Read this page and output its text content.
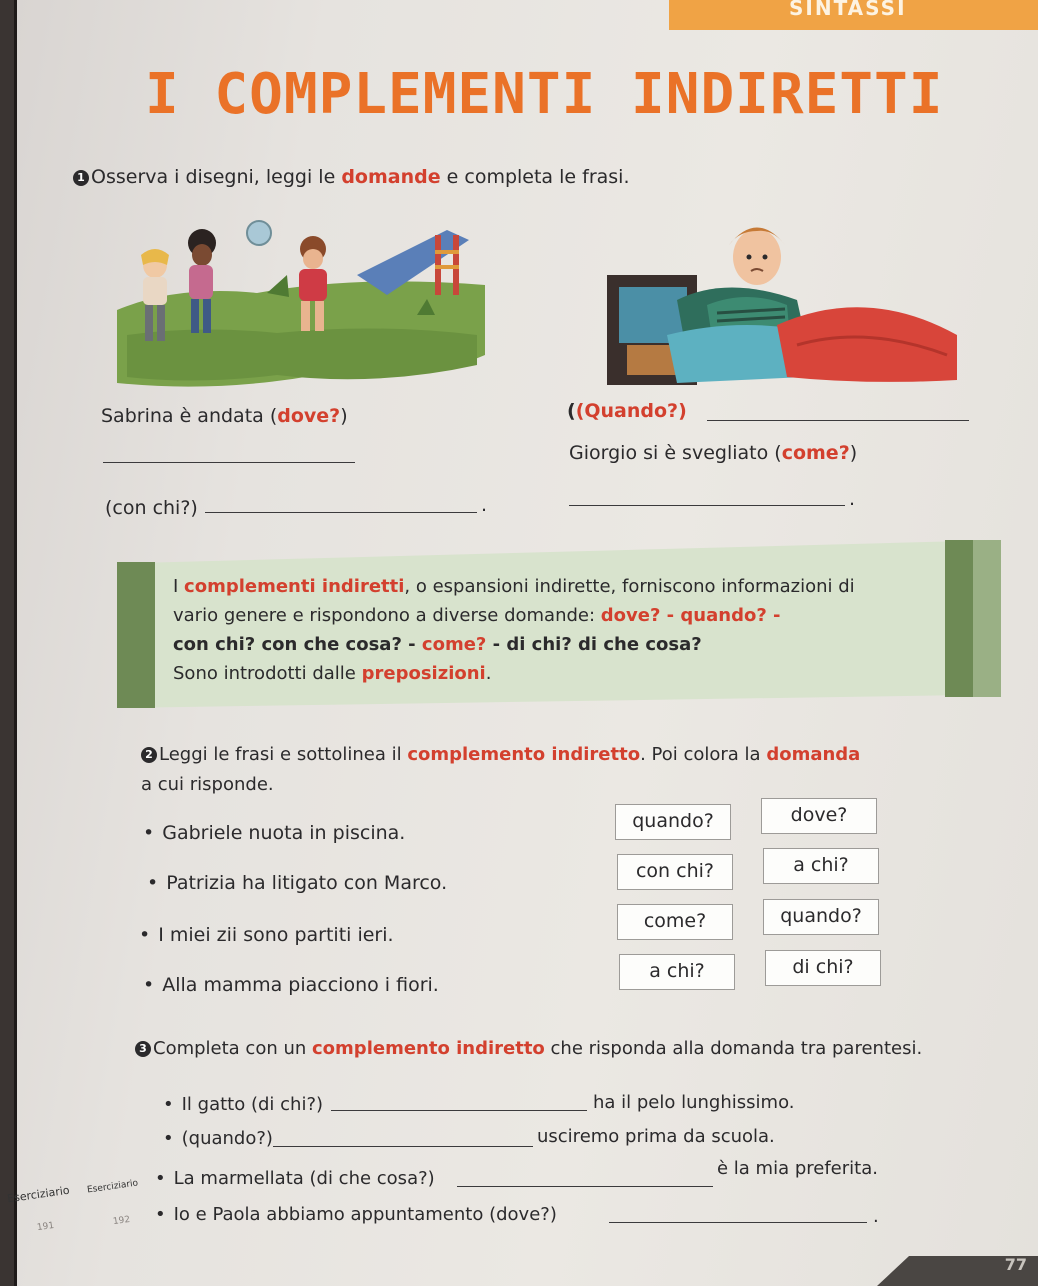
SINTASSI
I COMPLEMENTI INDIRETTI
1 Osserva i disegni, leggi le domande e completa le frasi.
Sabrina è andata (dove?)
(con chi?)	.
((Quando?)
Giorgio si è svegliato (come?)
.
I complementi indiretti, o espansioni indirette, forniscono informazioni di
vario genere e rispondono a diverse domande: dove? - quando? -
con chi? con che cosa? - come? - di chi? di che cosa?
Sono introdotti dalle preposizioni.
2 Leggi le frasi e sottolinea il complemento indiretto. Poi colora la domanda
a cui risponde.
• Gabriele nuota in piscina.
quando?	dove?
• Patrizia ha litigato con Marco.
con chi?	a chi?
• I miei zii sono partiti ieri.
come?	quando?
• Alla mamma piacciono i fiori.
a chi?	di chi?
3 Completa con un complemento indiretto che risponda alla domanda tra parentesi.
• Il gatto (di chi?)	ha il pelo lunghissimo.
• (quando?)	usciremo prima da scuola.
• La marmellata (di che cosa?)	è la mia preferita.
• Io e Paola abbiamo appuntamento (dove?)	.
Eserciziario Eserciziario
191	192
77
